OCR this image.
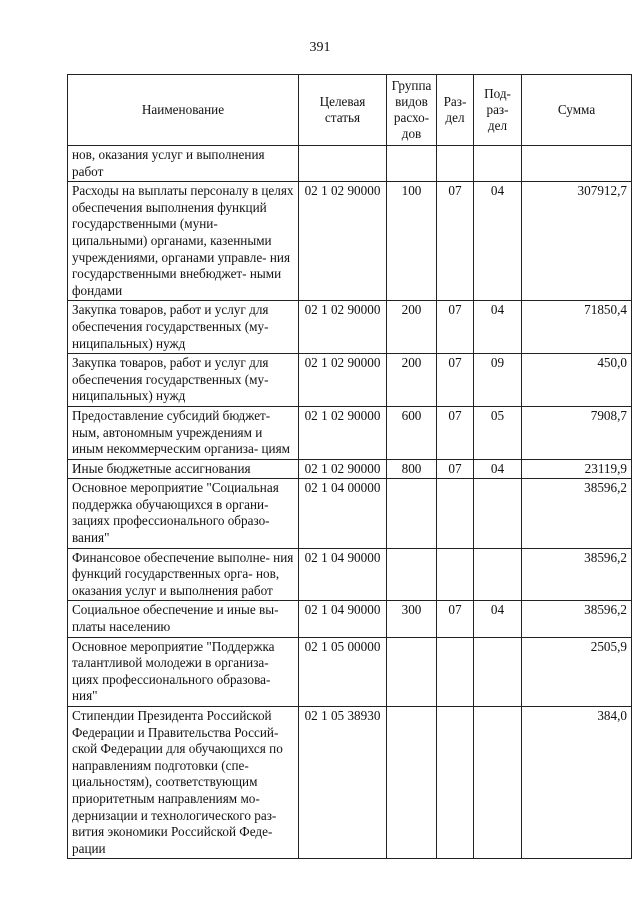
391
Наименование	Целевая статья	Группа видов расхо- дов	Раз- дел	Под- раз- дел	Сумма
нов, оказания услуг и выполнения работ					
Расходы на выплаты персоналу в целях обеспечения выполнения функций государственными (муни- ципальными) органами, казенными учреждениями, органами управле- ния государственными внебюджет- ными фондами	02 1 02 90000	100	07	04	307912,7
Закупка товаров, работ и услуг для обеспечения государственных (му- ниципальных) нужд	02 1 02 90000	200	07	04	71850,4
Закупка товаров, работ и услуг для обеспечения государственных (му- ниципальных) нужд	02 1 02 90000	200	07	09	450,0
Предоставление субсидий бюджет- ным, автономным учреждениям и иным некоммерческим организа- циям	02 1 02 90000	600	07	05	7908,7
Иные бюджетные ассигнования	02 1 02 90000	800	07	04	23119,9
Основное мероприятие "Социальная поддержка обучающихся в органи- зациях профессионального образо- вания"	02 1 04 00000				38596,2
Финансовое обеспечение выполне- ния функций государственных орга- нов, оказания услуг и выполнения работ	02 1 04 90000				38596,2
Социальное обеспечение и иные вы- платы населению	02 1 04 90000	300	07	04	38596,2
Основное мероприятие "Поддержка талантливой молодежи в организа- циях профессионального образова- ния"	02 1 05 00000				2505,9
Стипендии Президента Российской Федерации и Правительства Россий- ской Федерации для обучающихся по направлениям подготовки (спе- циальностям), соответствующим приоритетным направлениям мо- дернизации и технологического раз- вития экономики Российской Феде- рации	02 1 05 38930				384,0
